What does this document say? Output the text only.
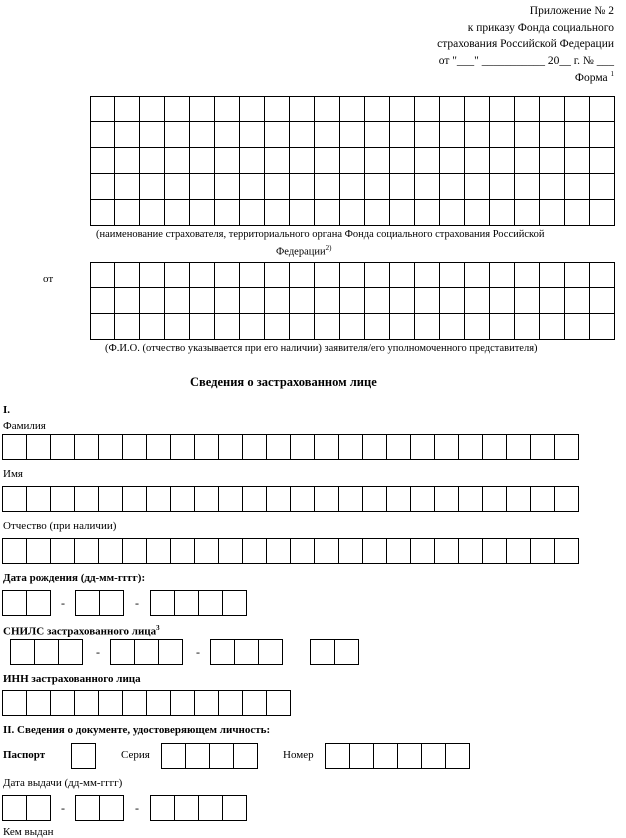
Приложение № 2
к приказу Фонда социального
страхования Российской Федерации
от "___" ___________ 20__ г. № ___
Форма $^1$
(наименование страхователя, территориального органа Фонда социального страхования Российской
Федерации$^{2)}$
от
(Ф.И.О. (отчество указывается при его наличии) заявителя/его уполномоченного представителя)
Сведения о застрахованном лице
I.
Фамилия
Имя
Отчество (при наличии)
Дата рождения (дд-мм-гггг):
-	-
СНИЛС застрахованного лица$^3$
-	-
ИНН застрахованного лица
II. Сведения о документе, удостоверяющем личность:
Паспорт	Серия	Номер
Дата выдачи (дд-мм-гггг)
-	-
Кем выдан
